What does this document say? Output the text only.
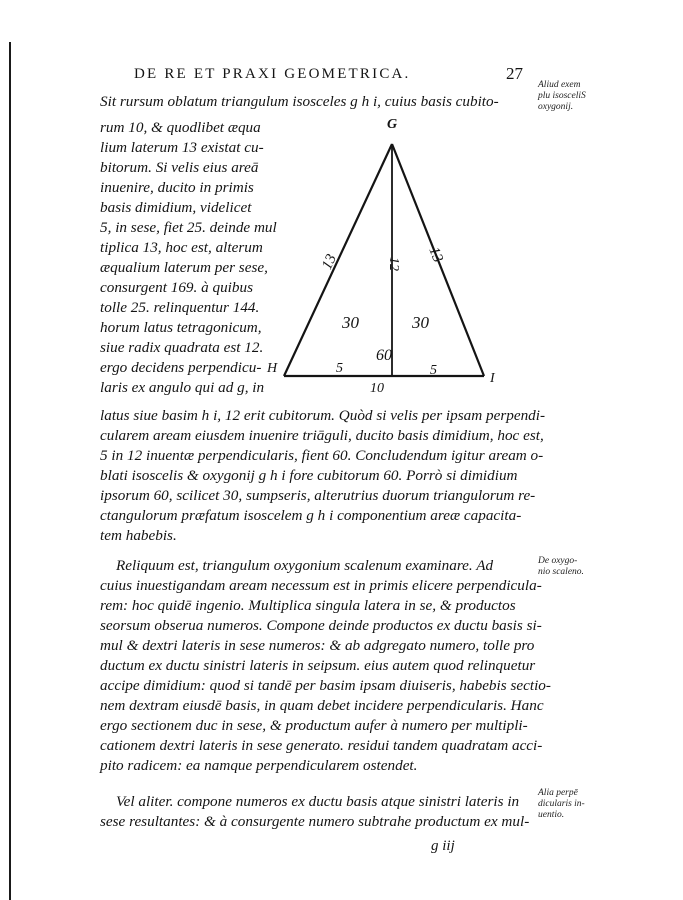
DE RE ET PRAXI GEOMETRICA.	27
Aliud exem
plu isosceliS
oxygonij.
De oxygo-
nio scaleno.
Alia perpē
dicularis in-
uentio.
Sit rursum oblatum triangulum isosceles g h i, cuius basis cubito-
rum 10, & quodlibet æqua
lium laterum 13 existat cu-
bitorum. Si velis eius areā
inuenire, ducito in primis
basis dimidium, videlicet
5, in sese, fiet 25. deinde mul
tiplica 13, hoc est, alterum
æqualium laterum per sese,
consurgent 169. à quibus
tolle 25. relinquentur 144.
horum latus tetragonicum,
siue radix quadrata est 12.
ergo decidens perpendicu-
laris ex angulo qui ad g, in
latus siue basim h i, 12 erit cubitorum. Quòd si velis per ipsam perpendi-
cularem aream eiusdem inuenire triāguli, ducito basis dimidium, hoc est,
5 in 12 inuentæ perpendicularis, fient 60. Concludendum igitur aream o-
blati isoscelis & oxygonij g h i fore cubitorum 60. Porrò si dimidium
ipsorum 60, scilicet 30, sumpseris, alterutrius duorum triangulorum re-
ctangulorum præfatum isoscelem g h i componentium areæ capacita-
tem habebis.
Reliquum est, triangulum oxygonium scalenum examinare. Ad
cuius inuestigandam aream necessum est in primis elicere perpendicula-
rem: hoc quidē ingenio. Multiplica singula latera in se, & productos
seorsum obserua numeros. Compone deinde productos ex ductu basis si-
mul & dextri lateris in sese numeros: & ab adgregato numero, tolle pro
ductum ex ductu sinistri lateris in seipsum. eius autem quod relinquetur
accipe dimidium: quod si tandē per basim ipsam diuiseris, habebis sectio-
nem dextram eiusdē basis, in quam debet incidere perpendicularis. Hanc
ergo sectionem duc in sese, & productum aufer à numero per multipli-
cationem dextri lateris in sese generato. residui tandem quadratam acci-
pito radicem: ea namque perpendicularem ostendet.
Vel aliter. compone numeros ex ductu basis atque sinistri lateris in
sese resultantes: & à consurgente numero subtrahe productum ex mul-
g iij
G
H
I
13	13
12
30	30
60
5	5
10
